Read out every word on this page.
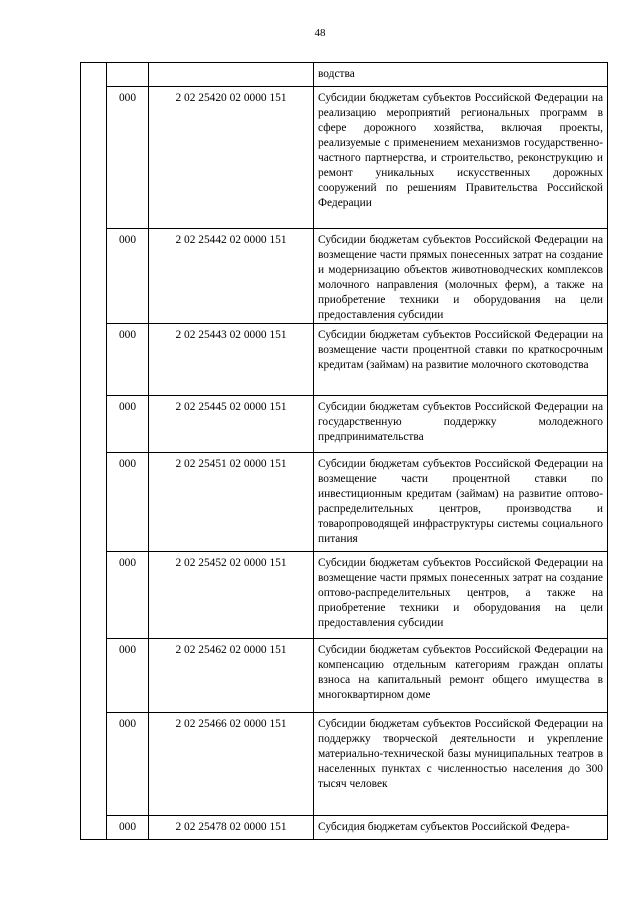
48

			водства

	000	2 02 25420 02 0000 151	Субсидии бюджетам субъектов Российской Федерации на реализацию мероприятий региональных программ в сфере дорожного хозяйства, включая проекты, реализуемые с применением механизмов государственно-частного партнерства, и строительство, реконструкцию и ремонт уникальных искусственных дорожных сооружений по решениям Правительства Российской Федерации
	000	2 02 25442 02 0000 151	Субсидии бюджетам субъектов Российской Федерации на возмещение части прямых понесенных затрат на создание и модернизацию объектов животноводческих комплексов молочного направления (молочных ферм), а также на приобретение техники и оборудования на цели предоставления субсидии
	000	2 02 25443 02 0000 151	Субсидии бюджетам субъектов Российской Федерации на возмещение части процентной ставки по краткосрочным кредитам (займам) на развитие молочного скотоводства
	000	2 02 25445 02 0000 151	Субсидии бюджетам субъектов Российской Федерации на государственную поддержку молодежного предпринимательства
	000	2 02 25451 02 0000 151	Субсидии бюджетам субъектов Российской Федерации на возмещение части процентной ставки по инвестиционным кредитам (займам) на развитие оптово-распределительных центров, производства и товаропроводящей инфраструктуры системы социального питания
	000	2 02 25452 02 0000 151	Субсидии бюджетам субъектов Российской Федерации на возмещение части прямых понесенных затрат на создание оптово-распределительных центров, а также на приобретение техники и оборудования на цели предоставления субсидии
	000	2 02 25462 02 0000 151	Субсидии бюджетам субъектов Российской Федерации на компенсацию отдельным категориям граждан оплаты взноса на капитальный ремонт общего имущества в многоквартирном доме
	000	2 02 25466 02 0000 151	Субсидии бюджетам субъектов Российской Федерации на поддержку творческой деятельности и укрепление материально-технической базы муниципальных театров в населенных пунктах с численностью населения до 300 тысяч человек
	000	2 02 25478 02 0000 151	Субсидия бюджетам субъектов Российской Федера-
